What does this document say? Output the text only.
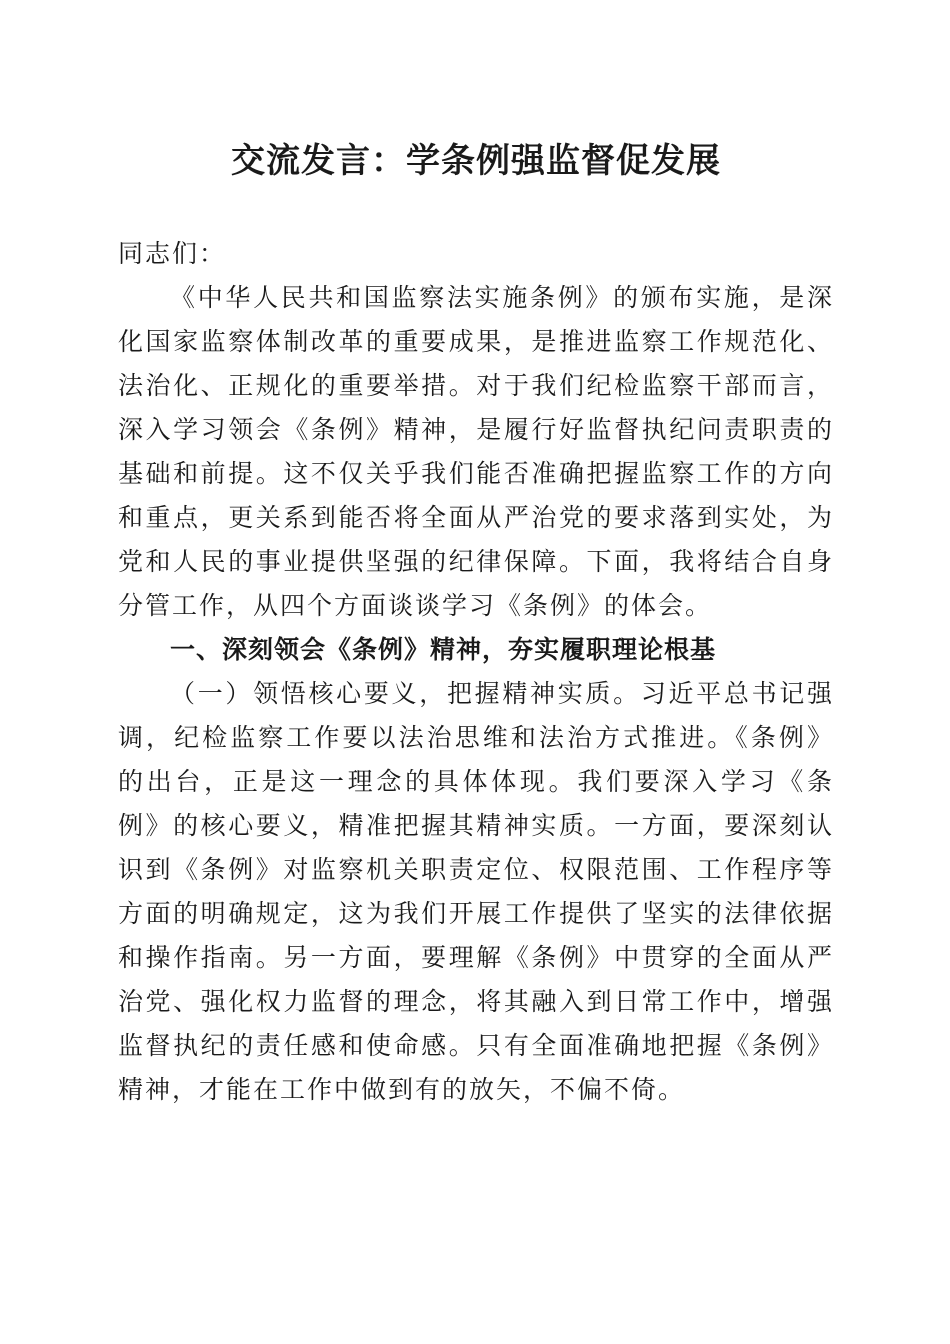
交流发言：学条例强监督促发展

同志们：

《中华人民共和国监察法实施条例》的颁布实施，是深化国家监察体制改革的重要成果，是推进监察工作规范化、法治化、正规化的重要举措。对于我们纪检监察干部而言，深入学习领会《条例》精神，是履行好监督执纪问责职责的基础和前提。这不仅关乎我们能否准确把握监察工作的方向和重点，更关系到能否将全面从严治党的要求落到实处，为党和人民的事业提供坚强的纪律保障。下面，我将结合自身分管工作，从四个方面谈谈学习《条例》的体会。

一、深刻领会《条例》精神，夯实履职理论根基

（一）领悟核心要义，把握精神实质。习近平总书记强调，纪检监察工作要以法治思维和法治方式推进。《条例》的出台，正是这一理念的具体体现。我们要深入学习《条例》的核心要义，精准把握其精神实质。一方面，要深刻认识到《条例》对监察机关职责定位、权限范围、工作程序等方面的明确规定，这为我们开展工作提供了坚实的法律依据和操作指南。另一方面，要理解《条例》中贯穿的全面从严治党、强化权力监督的理念，将其融入到日常工作中，增强监督执纪的责任感和使命感。只有全面准确地把握《条例》精神，才能在工作中做到有的放矢，不偏不倚。
